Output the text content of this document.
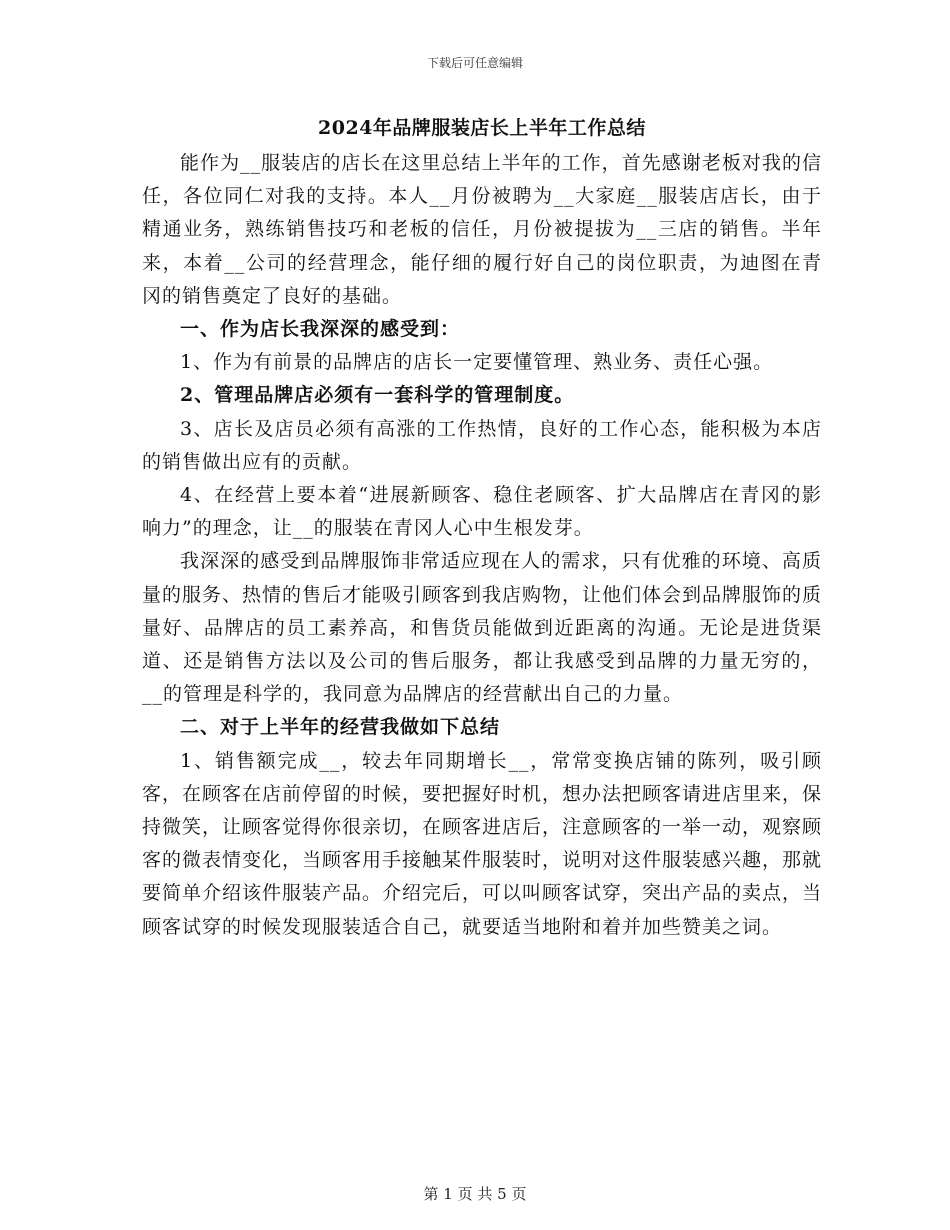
下载后可任意编辑
2024年品牌服装店长上半年工作总结

能作为__服装店的店长在这里总结上半年的工作，首先感谢老板对我的信任，各位同仁对我的支持。本人__月份被聘为__大家庭__服装店店长，由于精通业务，熟练销售技巧和老板的信任，月份被提拔为__三店的销售。半年来，本着__公司的经营理念，能仔细的履行好自己的岗位职责，为迪图在青冈的销售奠定了良好的基础。

一、作为店长我深深的感受到：

1、作为有前景的品牌店的店长一定要懂管理、熟业务、责任心强。

2、管理品牌店必须有一套科学的管理制度。

3、店长及店员必须有高涨的工作热情，良好的工作心态，能积极为本店的销售做出应有的贡献。

4、在经营上要本着“进展新顾客、稳住老顾客、扩大品牌店在青冈的影响力”的理念，让__的服装在青冈人心中生根发芽。

我深深的感受到品牌服饰非常适应现在人的需求，只有优雅的环境、高质量的服务、热情的售后才能吸引顾客到我店购物，让他们体会到品牌服饰的质量好、品牌店的员工素养高，和售货员能做到近距离的沟通。无论是进货渠道、还是销售方法以及公司的售后服务，都让我感受到品牌的力量无穷的，__的管理是科学的，我同意为品牌店的经营献出自己的力量。

二、对于上半年的经营我做如下总结

1、销售额完成__，较去年同期增长__，常常变换店铺的陈列，吸引顾客，在顾客在店前停留的时候，要把握好时机，想办法把顾客请进店里来，保持微笑，让顾客觉得你很亲切，在顾客进店后，注意顾客的一举一动，观察顾客的微表情变化，当顾客用手接触某件服装时，说明对这件服装感兴趣，那就要简单介绍该件服装产品。介绍完后，可以叫顾客试穿，突出产品的卖点，当顾客试穿的时候发现服装适合自己，就要适当地附和着并加些赞美之词。

第 1 页 共 5 页
